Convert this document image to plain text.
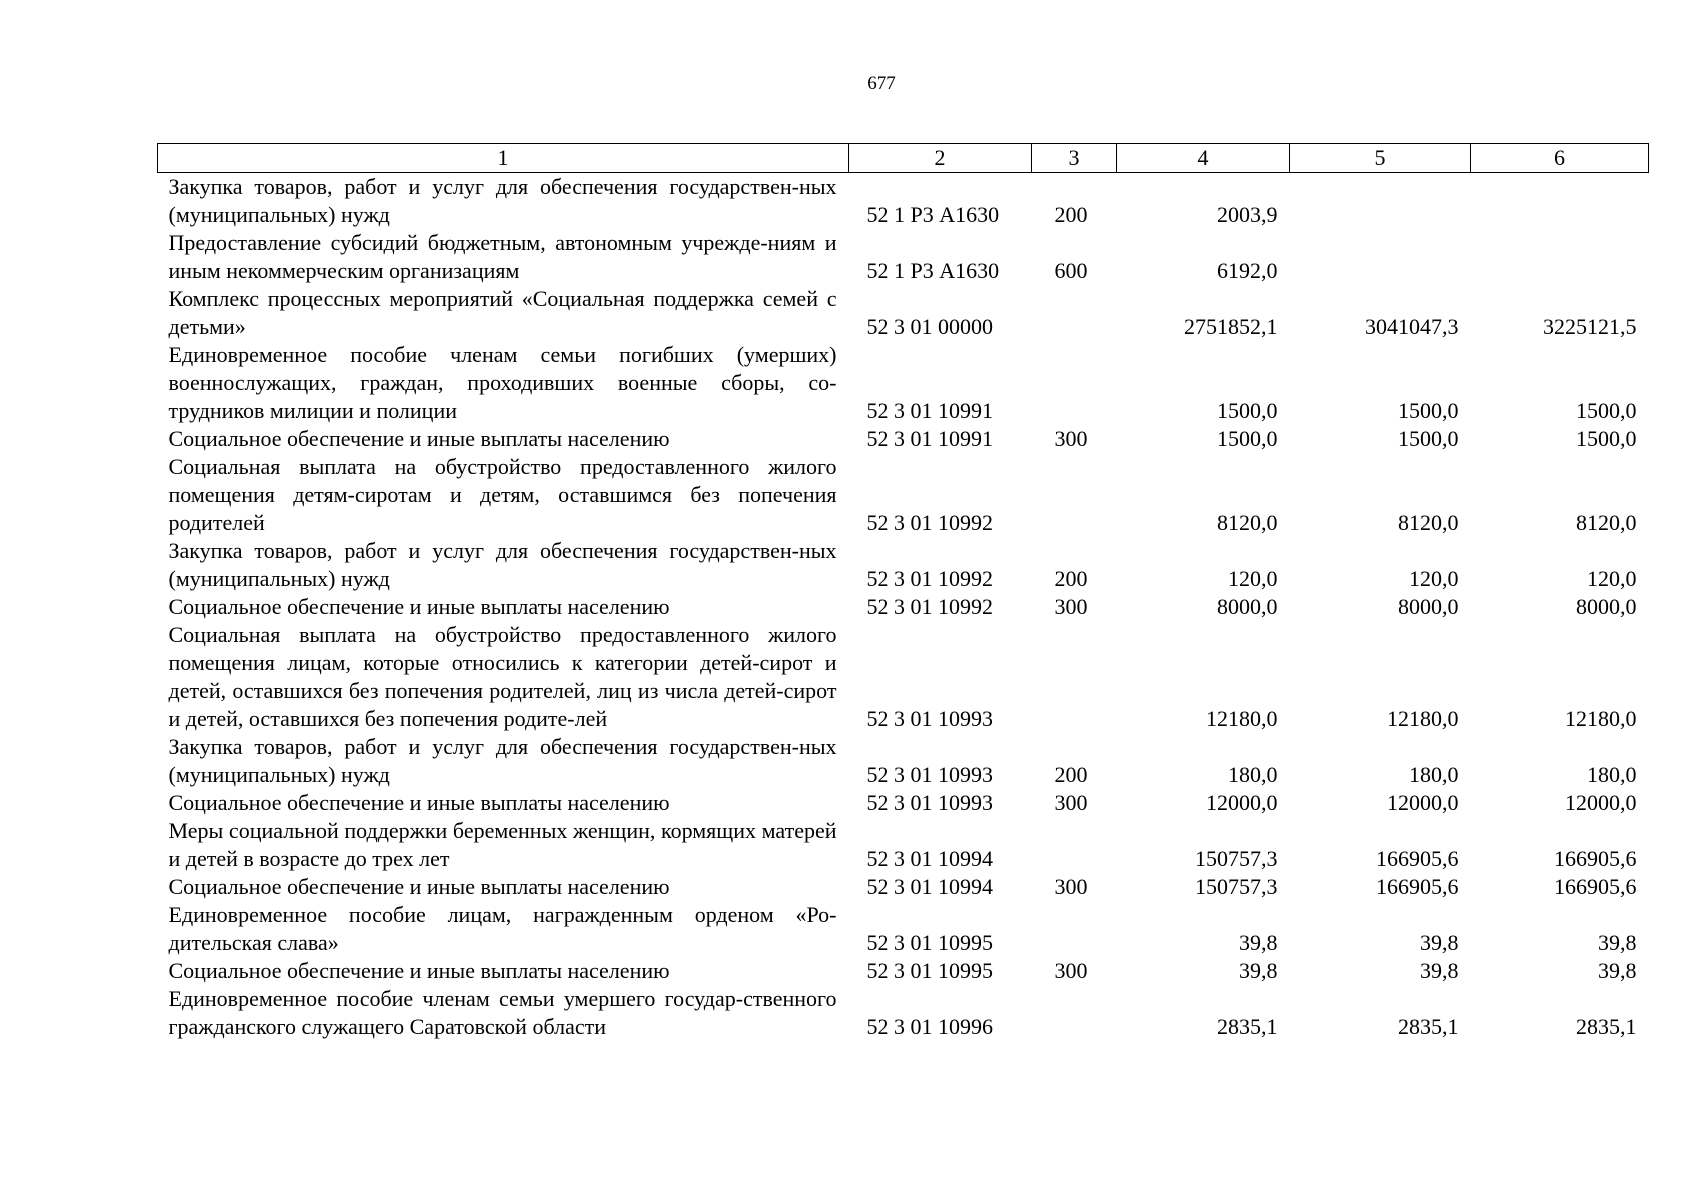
677
1	2	3	4	5	6
Закупка товаров, работ и услуг для обеспечения государствен-ных (муниципальных) нужд	52 1 Р3 А1630	200	2003,9		
Предоставление субсидий бюджетным, автономным учрежде-ниям и иным некоммерческим организациям	52 1 Р3 А1630	600	6192,0		
Комплекс процессных мероприятий «Социальная поддержка семей с детьми»	52 3 01 00000		2751852,1	3041047,3	3225121,5
Единовременное пособие членам семьи погибших (умерших) военнослужащих, граждан, проходивших военные сборы, со-трудников милиции и полиции	52 3 01 10991		1500,0	1500,0	1500,0
Социальное обеспечение и иные выплаты населению	52 3 01 10991	300	1500,0	1500,0	1500,0
Социальная выплата на обустройство предоставленного жилого помещения детям-сиротам и детям, оставшимся без попечения родителей	52 3 01 10992		8120,0	8120,0	8120,0
Закупка товаров, работ и услуг для обеспечения государствен-ных (муниципальных) нужд	52 3 01 10992	200	120,0	120,0	120,0
Социальное обеспечение и иные выплаты населению	52 3 01 10992	300	8000,0	8000,0	8000,0
Социальная выплата на обустройство предоставленного жилого помещения лицам, которые относились к категории детей-сирот и детей, оставшихся без попечения родителей, лиц из числа детей-сирот и детей, оставшихся без попечения родите-лей	52 3 01 10993		12180,0	12180,0	12180,0
Закупка товаров, работ и услуг для обеспечения государствен-ных (муниципальных) нужд	52 3 01 10993	200	180,0	180,0	180,0
Социальное обеспечение и иные выплаты населению	52 3 01 10993	300	12000,0	12000,0	12000,0
Меры социальной поддержки беременных женщин, кормящих матерей и детей в возрасте до трех лет	52 3 01 10994		150757,3	166905,6	166905,6
Социальное обеспечение и иные выплаты населению	52 3 01 10994	300	150757,3	166905,6	166905,6
Единовременное пособие лицам, награжденным орденом «Ро-дительская слава»	52 3 01 10995		39,8	39,8	39,8
Социальное обеспечение и иные выплаты населению	52 3 01 10995	300	39,8	39,8	39,8
Единовременное пособие членам семьи умершего государ-ственного гражданского служащего Саратовской области	52 3 01 10996		2835,1	2835,1	2835,1
